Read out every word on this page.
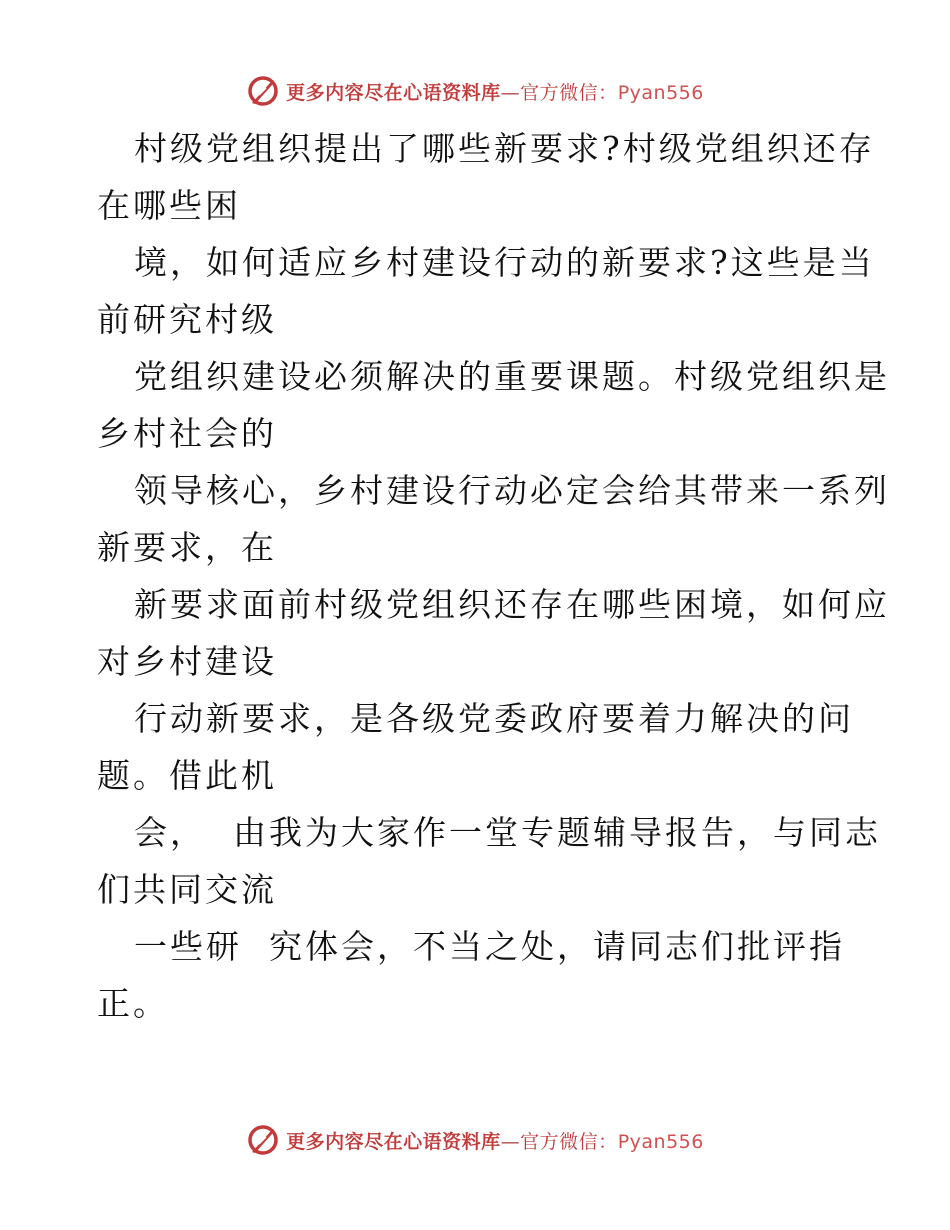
更多内容尽在心语资料库—官方微信：Pyan556
村级党组织提出了哪些新要求?村级党组织还存
在哪些困
境，如何适应乡村建设行动的新要求?这些是当
前研究村级
党组织建设必须解决的重要课题。村级党组织是
乡村社会的
领导核心，乡村建设行动必定会给其带来一系列
新要求，在
新要求面前村级党组织还存在哪些困境，如何应
对乡村建设
行动新要求，是各级党委政府要着力解决的问
题。借此机
会，  由我为大家作一堂专题辅导报告，与同志
们共同交流
一些研  究体会，不当之处，请同志们批评指
正。
更多内容尽在心语资料库—官方微信：Pyan556
